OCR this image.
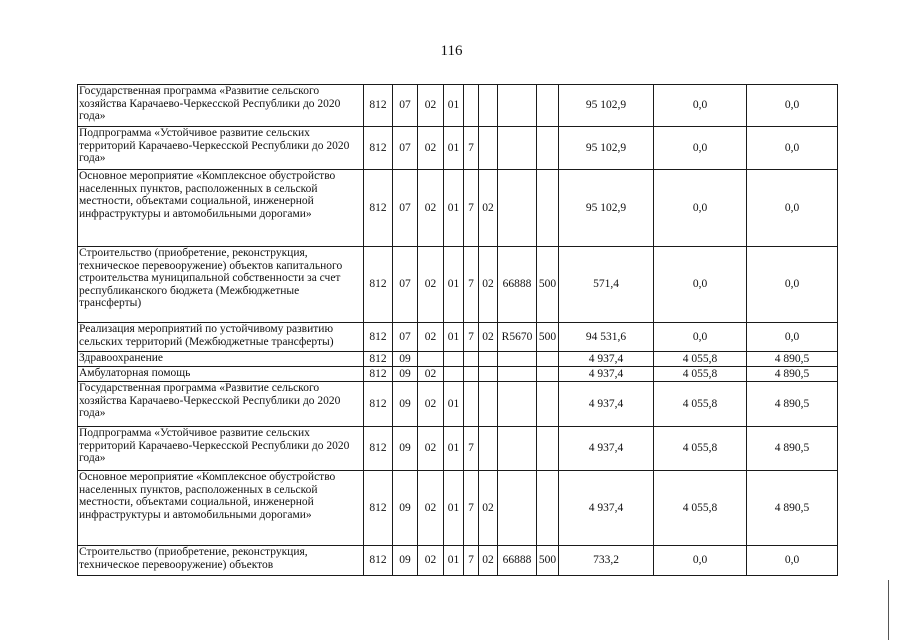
116
Государственная программа «Развитие сельского хозяйства Карачаево-Черкесской Республики до 2020 года»	812	07	02	01					95 102,9	0,0	0,0
Подпрограмма «Устойчивое развитие сельских территорий Карачаево-Черкесской Республики до 2020 года»	812	07	02	01	7				95 102,9	0,0	0,0
Основное мероприятие «Комплексное обустройство населенных пунктов, расположенных в сельской местности, объектами социальной, инженерной инфраструктуры и автомобильными дорогами»	812	07	02	01	7	02			95 102,9	0,0	0,0
Строительство (приобретение, реконструкция, техническое перевооружение) объектов капитального строительства муниципальной собственности за счет республиканского бюджета (Межбюджетные трансферты)	812	07	02	01	7	02	66888	500	571,4	0,0	0,0
Реализация мероприятий по устойчивому развитию сельских территорий (Межбюджетные трансферты)	812	07	02	01	7	02	R5670	500	94 531,6	0,0	0,0
Здравоохранение	812	09							4 937,4	4 055,8	4 890,5
Амбулаторная помощь	812	09	02						4 937,4	4 055,8	4 890,5
Государственная программа «Развитие сельского хозяйства Карачаево-Черкесской Республики до 2020 года»	812	09	02	01					4 937,4	4 055,8	4 890,5
Подпрограмма «Устойчивое развитие сельских территорий Карачаево-Черкесской Республики до 2020 года»	812	09	02	01	7				4 937,4	4 055,8	4 890,5
Основное мероприятие «Комплексное обустройство населенных пунктов, расположенных в сельской местности, объектами социальной, инженерной инфраструктуры и автомобильными дорогами»	812	09	02	01	7	02			4 937,4	4 055,8	4 890,5
Строительство (приобретение, реконструкция, техническое перевооружение) объектов	812	09	02	01	7	02	66888	500	733,2	0,0	0,0
